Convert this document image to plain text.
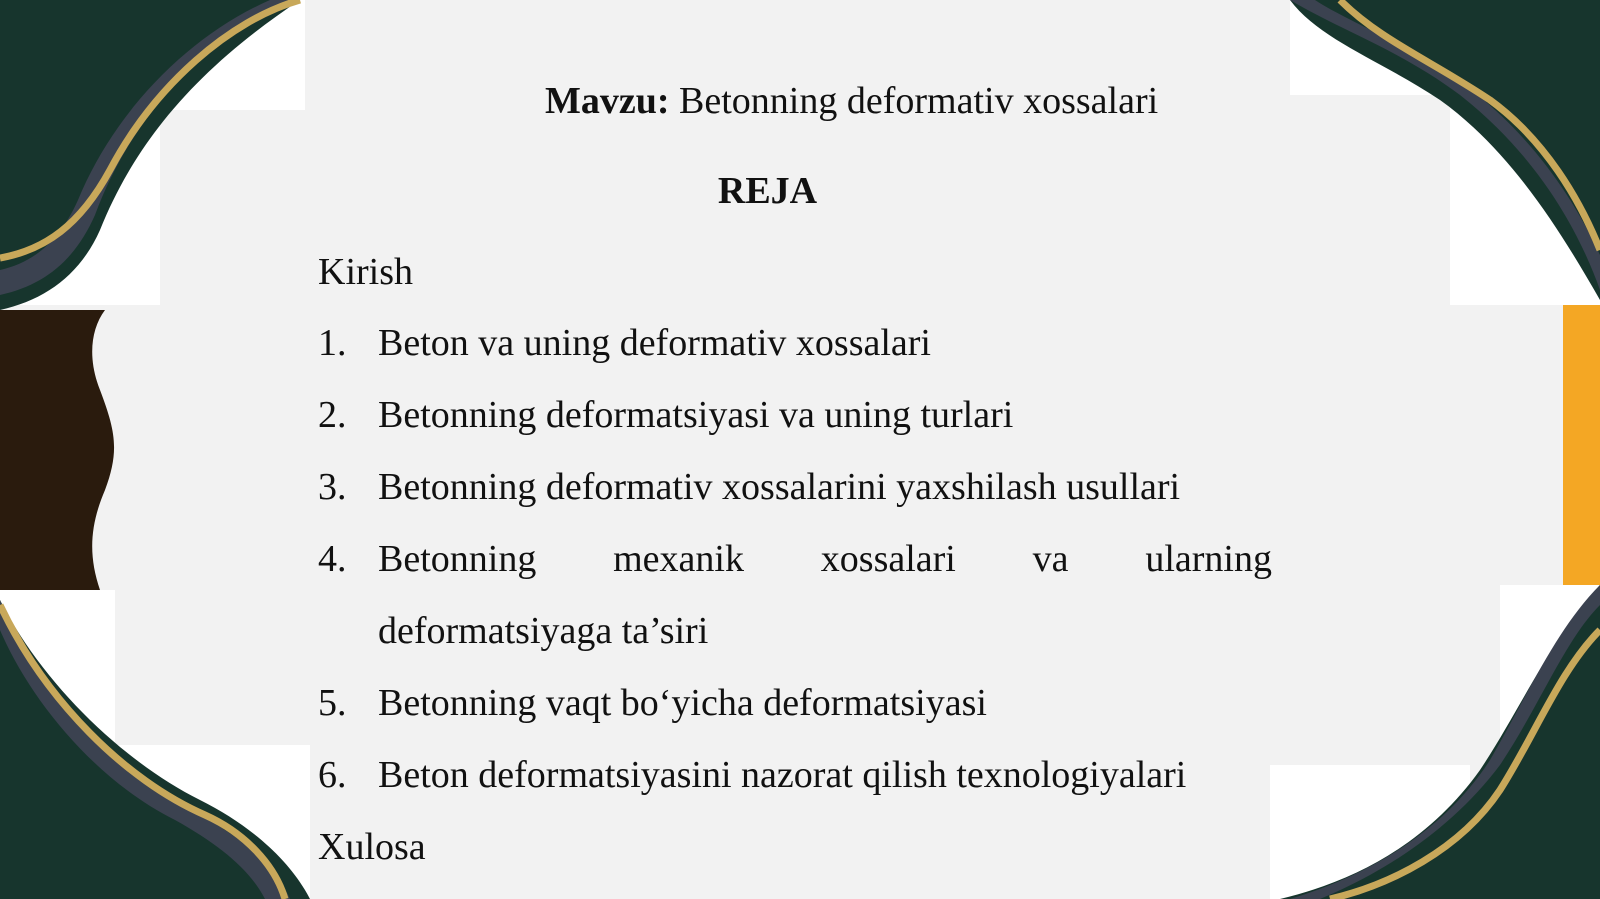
Mavzu: Betonning deformativ xossalari
REJA
Kirish
1. Beton va uning deformativ xossalari
2. Betonning deformatsiyasi va uning turlari
3. Betonning deformativ xossalarini yaxshilash usullari
4. Betonning mexanik xossalari va ularning
deformatsiyaga ta’siri
5. Betonning vaqt bo‘yicha deformatsiyasi
6. Beton deformatsiyasini nazorat qilish texnologiyalari
Xulosa
